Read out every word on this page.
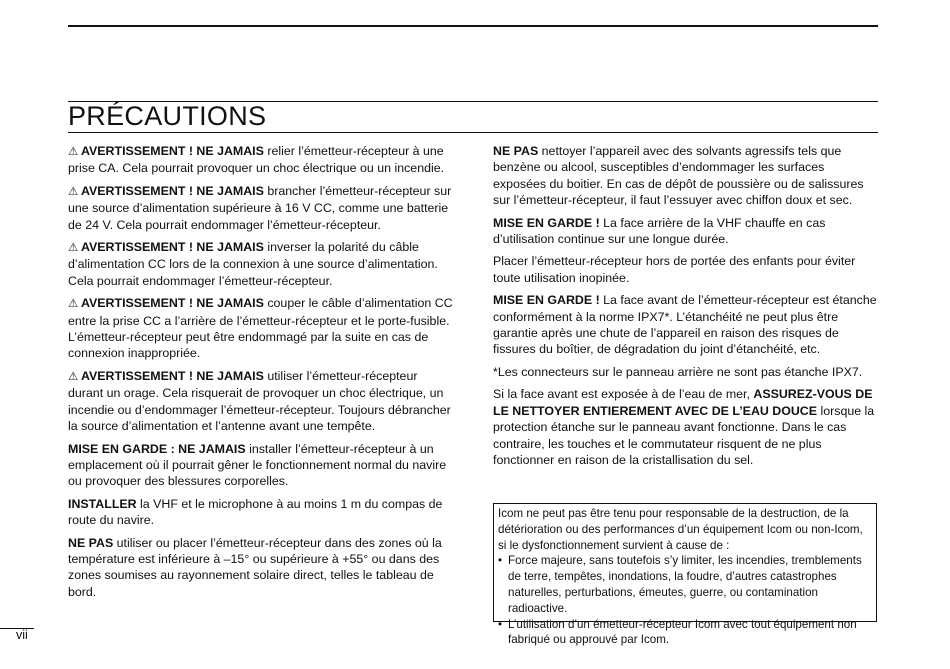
PRÉCAUTIONS

⚠ AVERTISSEMENT ! NE JAMAIS relier l’émetteur-récepteur à une prise CA. Cela pourrait provoquer un choc électrique ou un incendie.

⚠ AVERTISSEMENT ! NE JAMAIS brancher l’émetteur-récepteur sur une source d’alimentation supérieure à 16 V CC, comme une batterie de 24 V. Cela pourrait endommager l’émetteur-récepteur.

⚠ AVERTISSEMENT ! NE JAMAIS inverser la polarité du câble d’alimentation CC lors de la connexion à une source d’alimentation. Cela pourrait endommager l’émetteur-récepteur.

⚠ AVERTISSEMENT ! NE JAMAIS couper le câble d’alimentation CC entre la prise CC a l’arrière de l’émetteur-récepteur et le porte-fusible. L’émetteur-récepteur peut être endommagé par la suite en cas de connexion inappropriée.

⚠ AVERTISSEMENT ! NE JAMAIS utiliser l’émetteur-récepteur durant un orage. Cela risquerait de provoquer un choc électrique, un incendie ou d’endommager l’émetteur-récepteur. Toujours débrancher la source d’alimentation et l’antenne avant une tempête.

MISE EN GARDE : NE JAMAIS installer l’émetteur-récepteur à un emplacement où il pourrait gêner le fonctionnement normal du navire ou provoquer des blessures corporelles.

INSTALLER la VHF et le microphone à au moins 1 m du compas de route du navire.

NE PAS utiliser ou placer l’émetteur-récepteur dans des zones où la température est inférieure à –15° ou supérieure à +55° ou dans des zones soumises au rayonnement solaire direct, telles le tableau de bord.

NE PAS nettoyer l’appareil avec des solvants agressifs tels que benzène ou alcool, susceptibles d’endommager les surfaces exposées du boitier. En cas de dépôt de poussière ou de salissures sur l’émetteur-récepteur, il faut l’essuyer avec chiffon doux et sec.

MISE EN GARDE ! La face arrière de la VHF chauffe en cas d’utilisation continue sur une longue durée.

Placer l’émetteur-récepteur hors de portée des enfants pour éviter toute utilisation inopinée.

MISE EN GARDE ! La face avant de l’émetteur-récepteur est étanche conformément à la norme IPX7*. L’étanchéité ne peut plus être garantie après une chute de l’appareil en raison des risques de fissures du boîtier, de dégradation du joint d’étanchéité, etc.

*Les connecteurs sur le panneau arrière ne sont pas étanche IPX7.

Si la face avant est exposée à de l’eau de mer, ASSUREZ-VOUS DE LE NETTOYER ENTIEREMENT AVEC DE L’EAU DOUCE lorsque la protection étanche sur le panneau avant fonctionne. Dans le cas contraire, les touches et le commutateur risquent de ne plus fonctionner en raison de la cristallisation du sel.

Icom ne peut pas être tenu pour responsable de la destruction, de la détérioration ou des performances d’un équipement Icom ou non-Icom, si le dysfonctionnement survient à cause de :
• Force majeure, sans toutefois s’y limiter, les incendies, tremblements de terre, tempêtes, inondations, la foudre, d’autres catastrophes naturelles, perturbations, émeutes, guerre, ou contamination radioactive.
• L’utilisation d’un émetteur-récepteur Icom avec tout équipement non fabriqué ou approuvé par Icom.
vii
